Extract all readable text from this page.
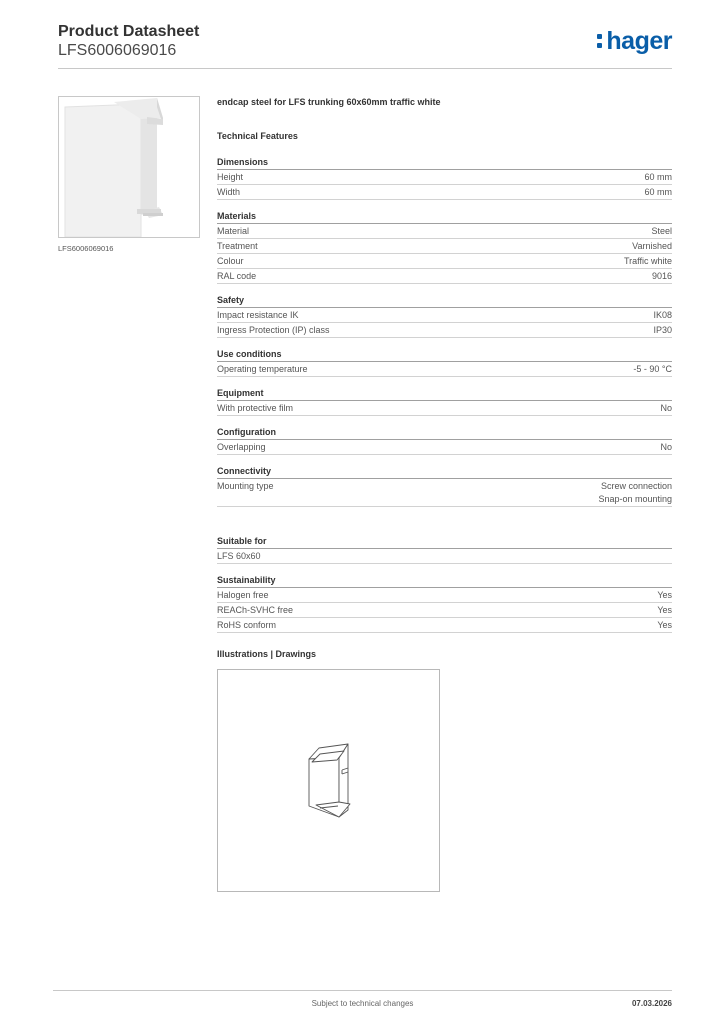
Product Datasheet
LFS6006069016	hager
LFS6006069016
endcap steel for LFS trunking 60x60mm traffic white
Technical Features
Dimensions
Height	60 mm
Width	60 mm
Materials
Material	Steel
Treatment	Varnished
Colour	Traffic white
RAL code	9016
Safety
Impact resistance IK	IK08
Ingress Protection (IP) class	IP30
Use conditions
Operating temperature	-5 - 90 °C
Equipment
With protective film	No
Configuration
Overlapping	No
Connectivity
Mounting type	Screw connection
Snap-on mounting
Suitable for
LFS 60x60
Sustainability
Halogen free	Yes
REACh-SVHC free	Yes
RoHS conform	Yes
Illustrations | Drawings
Subject to technical changes	07.03.2026
